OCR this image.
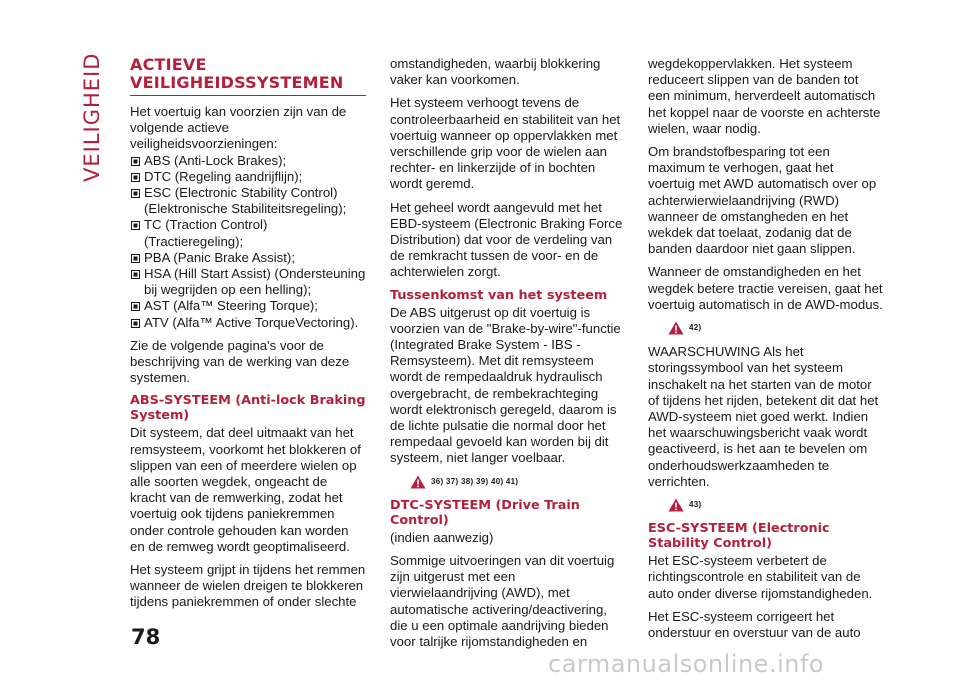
VEILIGHEID ACTIEVE VEILIGHEIDSSYSTEMEN

Het voertuig kan voorzien zijn van de volgende actieve veiligheidsvoorzieningen:

ABS (Anti-Lock Brakes);
DTC (Regeling aandrijflijn);
ESC (Electronic Stability Control) (Elektronische Stabiliteitsregeling);
TC (Traction Control) (Tractieregeling);
PBA (Panic Brake Assist);
HSA (Hill Start Assist) (Ondersteuning bij wegrijden op een helling);
AST (Alfa™ Steering Torque);
ATV (Alfa™ Active TorqueVectoring).

Zie de volgende pagina's voor de beschrijving van de werking van deze systemen.

ABS-SYSTEEM (Anti-lock Braking System)

Dit systeem, dat deel uitmaakt van het remsysteem, voorkomt het blokkeren of slippen van een of meerdere wielen op alle soorten wegdek, ongeacht de kracht van de remwerking, zodat het voertuig ook tijdens paniekremmen onder controle gehouden kan worden en de remweg wordt geoptimaliseerd.

Het systeem grijpt in tijdens het remmen wanneer de wielen dreigen te blokkeren tijdens paniekremmen of onder slechte

omstandigheden, waarbij blokkering vaker kan voorkomen.

Het systeem verhoogt tevens de controleerbaarheid en stabiliteit van het voertuig wanneer op oppervlakken met verschillende grip voor de wielen aan rechter- en linkerzijde of in bochten wordt geremd.

Het geheel wordt aangevuld met het EBD-systeem (Electronic Braking Force Distribution) dat voor de verdeling van de remkracht tussen de voor- en de achterwielen zorgt.

Tussenkomst van het systeem

De ABS uitgerust op dit voertuig is voorzien van de "Brake-by-wire"-functie (Integrated Brake System - IBS - Remsysteem). Met dit remsysteem wordt de rempedaaldruk hydraulisch overgebracht, de rembekrachteging wordt elektronisch geregeld, daarom is de lichte pulsatie die normal door het rempedaal gevoeld kan worden bij dit systeem, niet langer voelbaar.

36) 37) 38) 39) 40) 41)
DTC-SYSTEEM (Drive Train Control)

(indien aanwezig)

Sommige uitvoeringen van dit voertuig zijn uitgerust met een vierwielaandrijving (AWD), met automatische activering/deactivering, die u een optimale aandrijving bieden voor talrijke rijomstandigheden en

wegdekoppervlakken. Het systeem reduceert slippen van de banden tot een minimum, herverdeelt automatisch het koppel naar de voorste en achterste wielen, waar nodig.

Om brandstofbesparing tot een maximum te verhogen, gaat het voertuig met AWD automatisch over op achterwierwielaandrijving (RWD) wanneer de omstangheden en het wekdek dat toelaat, zodanig dat de banden daardoor niet gaan slippen.

Wanneer de omstandigheden en het wegdek betere tractie vereisen, gaat het voertuig automatisch in de AWD-modus.

42)

WAARSCHUWING Als het storingssymbool van het systeem inschakelt na het starten van de motor of tijdens het rijden, betekent dit dat het AWD-systeem niet goed werkt. Indien het waarschuwingsbericht vaak wordt geactiveerd, is het aan te bevelen om onderhoudswerkzaamheden te verrichten.

43)
ESC-SYSTEEM (Electronic Stability Control)

Het ESC-systeem verbetert de richtingscontrole en stabiliteit van de auto onder diverse rijomstandigheden.

Het ESC-systeem corrigeert het onderstuur en overstuur van de auto

78
carmanualsonline.info
